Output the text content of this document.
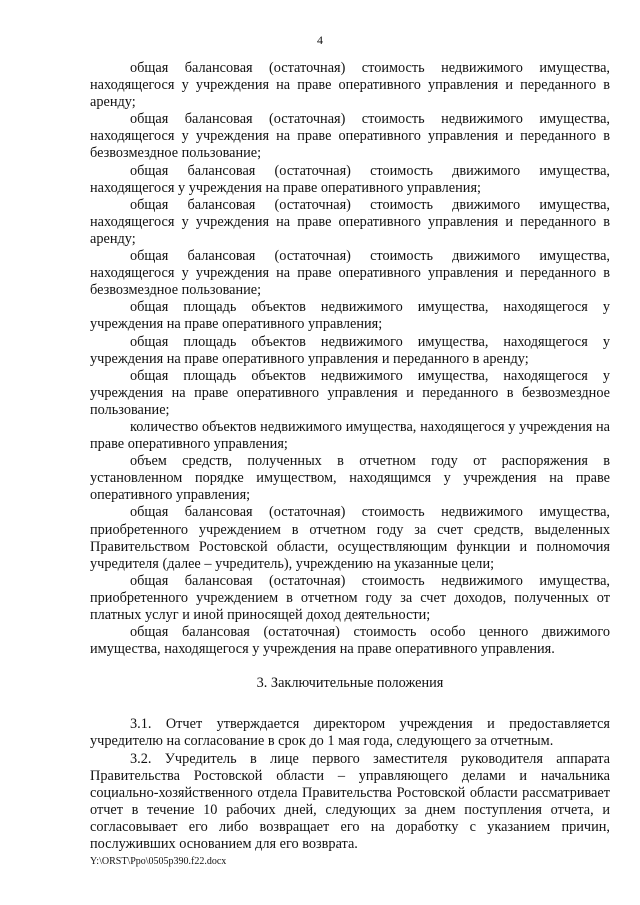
4

общая балансовая (остаточная) стоимость недвижимого имущества, находящегося у учреждения на праве оперативного управления и переданного в аренду;

общая балансовая (остаточная) стоимость недвижимого имущества, находящегося у учреждения на праве оперативного управления и переданного в безвозмездное пользование;

общая балансовая (остаточная) стоимость движимого имущества, находящегося у учреждения на праве оперативного управления;

общая балансовая (остаточная) стоимость движимого имущества, находящегося у учреждения на праве оперативного управления и переданного в аренду;

общая балансовая (остаточная) стоимость движимого имущества, находящегося у учреждения на праве оперативного управления и переданного в безвозмездное пользование;

общая площадь объектов недвижимого имущества, находящегося у учреждения на праве оперативного управления;

общая площадь объектов недвижимого имущества, находящегося у учреждения на праве оперативного управления и переданного в аренду;

общая площадь объектов недвижимого имущества, находящегося у учреждения на праве оперативного управления и переданного в безвозмездное пользование;

количество объектов недвижимого имущества, находящегося у учреждения на праве оперативного управления;

объем средств, полученных в отчетном году от распоряжения в установленном порядке имуществом, находящимся у учреждения на праве оперативного управления;

общая балансовая (остаточная) стоимость недвижимого имущества, приобретенного учреждением в отчетном году за счет средств, выделенных Правительством Ростовской области, осуществляющим функции и полномочия учредителя (далее – учредитель), учреждению на указанные цели;

общая балансовая (остаточная) стоимость недвижимого имущества, приобретенного учреждением в отчетном году за счет доходов, полученных от платных услуг и иной приносящей доход деятельности;

общая балансовая (остаточная) стоимость особо ценного движимого имущества, находящегося у учреждения на праве оперативного управления.

3. Заключительные положения

3.1. Отчет утверждается директором учреждения и предоставляется учредителю на согласование в срок до 1 мая года, следующего за отчетным.

3.2. Учредитель в лице первого заместителя руководителя аппарата Правительства Ростовской области – управляющего делами и начальника социально-хозяйственного отдела Правительства Ростовской области рассматривает отчет в течение 10 рабочих дней, следующих за днем поступления отчета, и согласовывает его либо возвращает его на доработку с указанием причин, послуживших основанием для его возврата.

Y:\ORST\Ppo\0505p390.f22.docx
